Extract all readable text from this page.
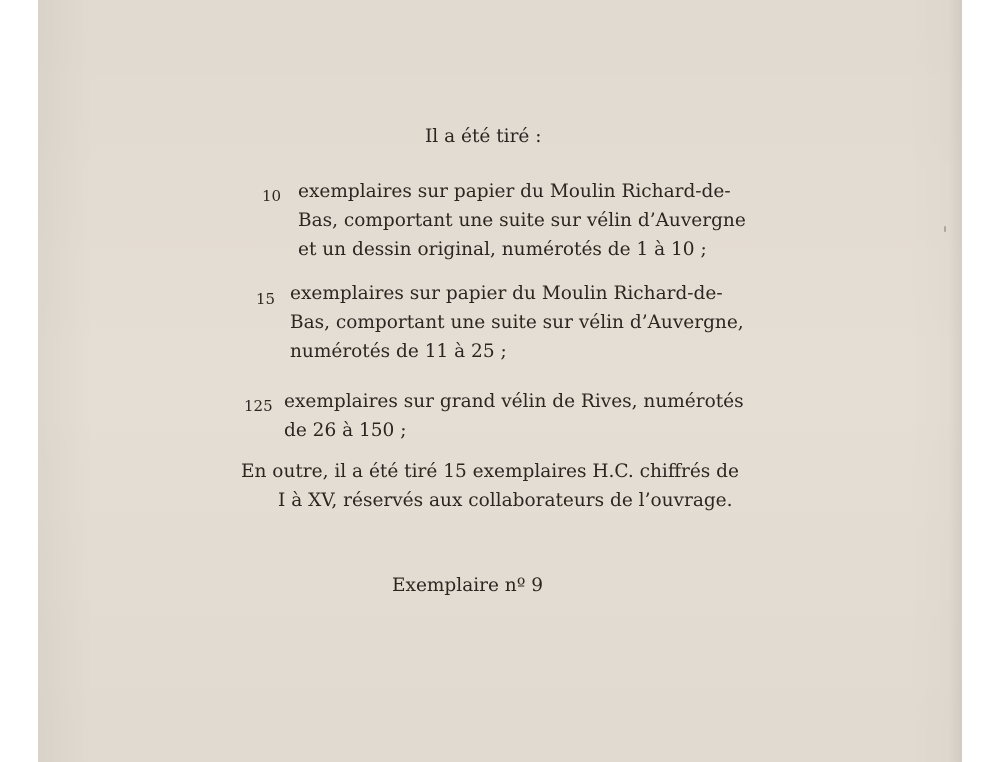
Il a été tiré :
10 exemplaires sur papier du Moulin Richard-de-
Bas, comportant une suite sur vélin d’Auvergne
et un dessin original, numérotés de 1 à 10 ;
15 exemplaires sur papier du Moulin Richard-de-
Bas, comportant une suite sur vélin d’Auvergne,
numérotés de 11 à 25 ;
125 exemplaires sur grand vélin de Rives, numérotés
de 26 à 150 ;
En outre, il a été tiré 15 exemplaires H.C. chiffrés de
I à XV, réservés aux collaborateurs de l’ouvrage.
Exemplaire nº 9
